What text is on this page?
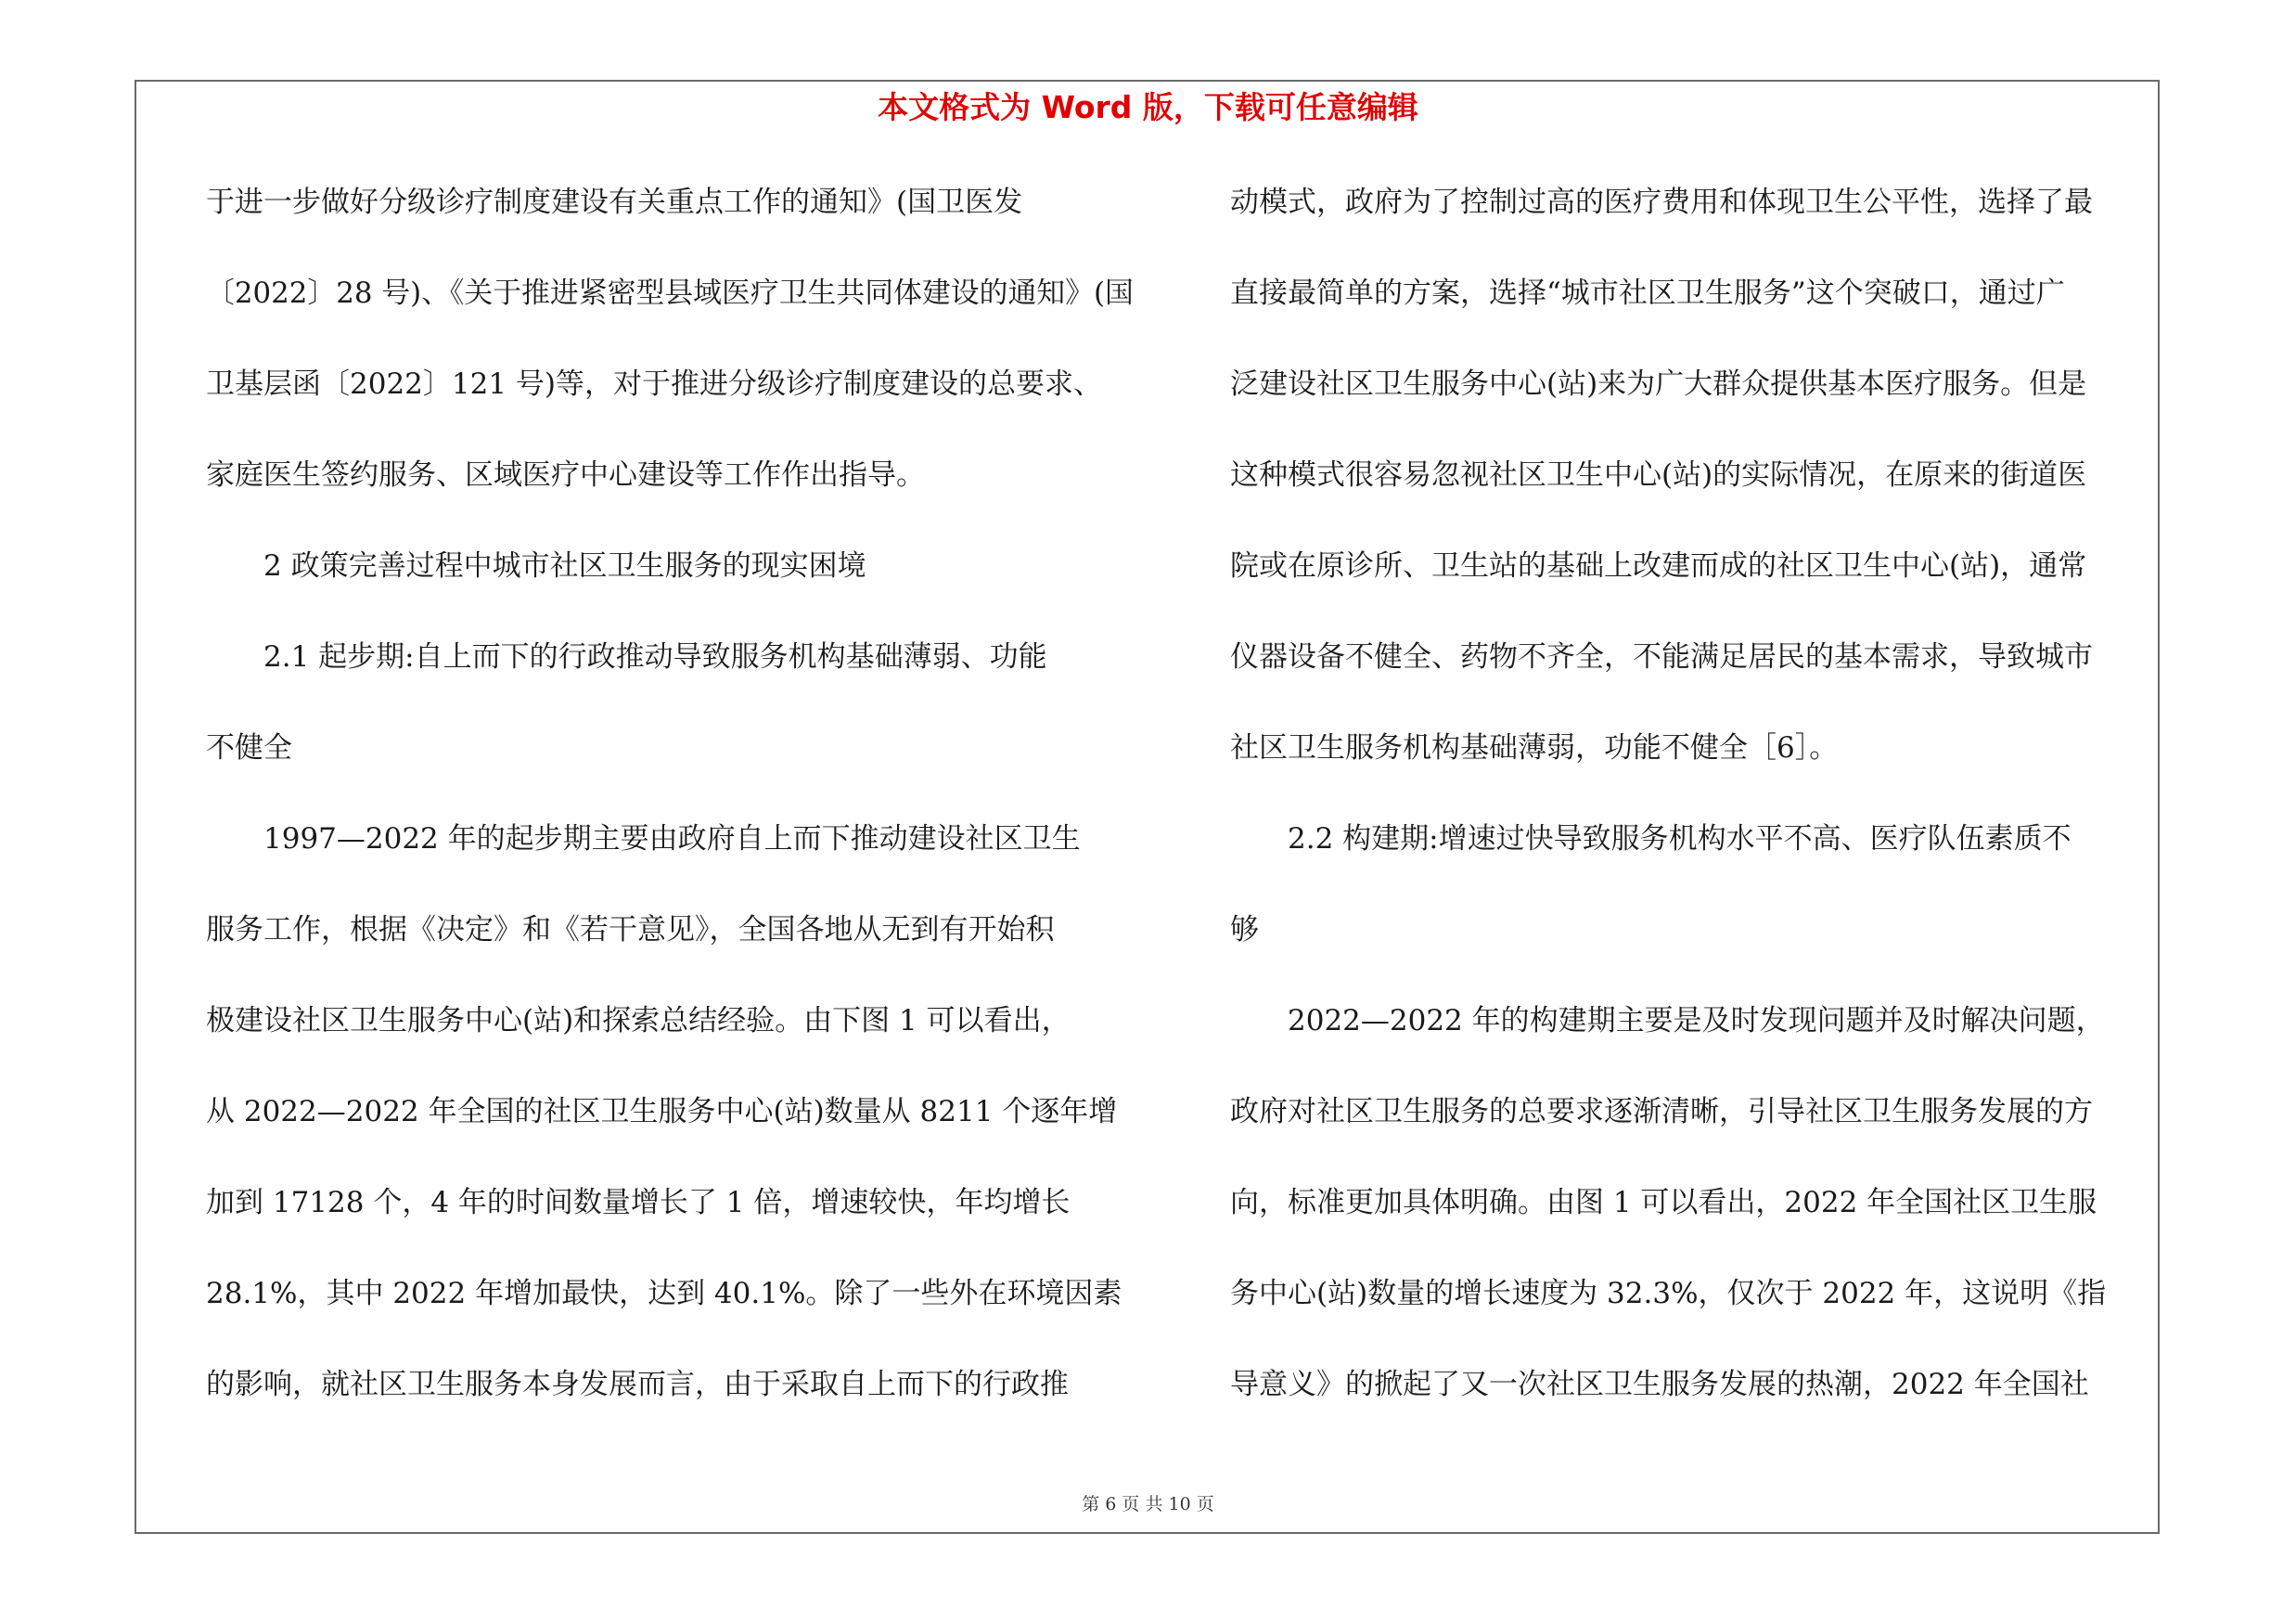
本文格式为 Word 版，下载可任意编辑
于进一步做好分级诊疗制度建设有关重点工作的通知》(国卫医发
〔2022〕28 号)、《关于推进紧密型县域医疗卫生共同体建设的通知》(国
卫基层函〔2022〕121 号)等，对于推进分级诊疗制度建设的总要求、
家庭医生签约服务、区域医疗中心建设等工作作出指导。
2 政策完善过程中城市社区卫生服务的现实困境
2.1 起步期:自上而下的行政推动导致服务机构基础薄弱、功能
不健全
1997—2022 年的起步期主要由政府自上而下推动建设社区卫生
服务工作，根据《决定》和《若干意见》，全国各地从无到有开始积
极建设社区卫生服务中心(站)和探索总结经验。由下图 1 可以看出，
从 2022—2022 年全国的社区卫生服务中心(站)数量从 8211 个逐年增
加到 17128 个，4 年的时间数量增长了 1 倍，增速较快，年均增长
28.1%，其中 2022 年增加最快，达到 40.1%。除了一些外在环境因素
的影响，就社区卫生服务本身发展而言，由于采取自上而下的行政推
动模式，政府为了控制过高的医疗费用和体现卫生公平性，选择了最
直接最简单的方案，选择“城市社区卫生服务”这个突破口，通过广
泛建设社区卫生服务中心(站)来为广大群众提供基本医疗服务。但是
这种模式很容易忽视社区卫生中心(站)的实际情况，在原来的街道医
院或在原诊所、卫生站的基础上改建而成的社区卫生中心(站)，通常
仪器设备不健全、药物不齐全，不能满足居民的基本需求，导致城市
社区卫生服务机构基础薄弱，功能不健全［6］。
2.2 构建期:增速过快导致服务机构水平不高、医疗队伍素质不
够
2022—2022 年的构建期主要是及时发现问题并及时解决问题，
政府对社区卫生服务的总要求逐渐清晰，引导社区卫生服务发展的方
向，标准更加具体明确。由图 1 可以看出，2022 年全国社区卫生服
务中心(站)数量的增长速度为 32.3%，仅次于 2022 年，这说明《指
导意义》的掀起了又一次社区卫生服务发展的热潮，2022 年全国社
第 6 页 共 10 页
